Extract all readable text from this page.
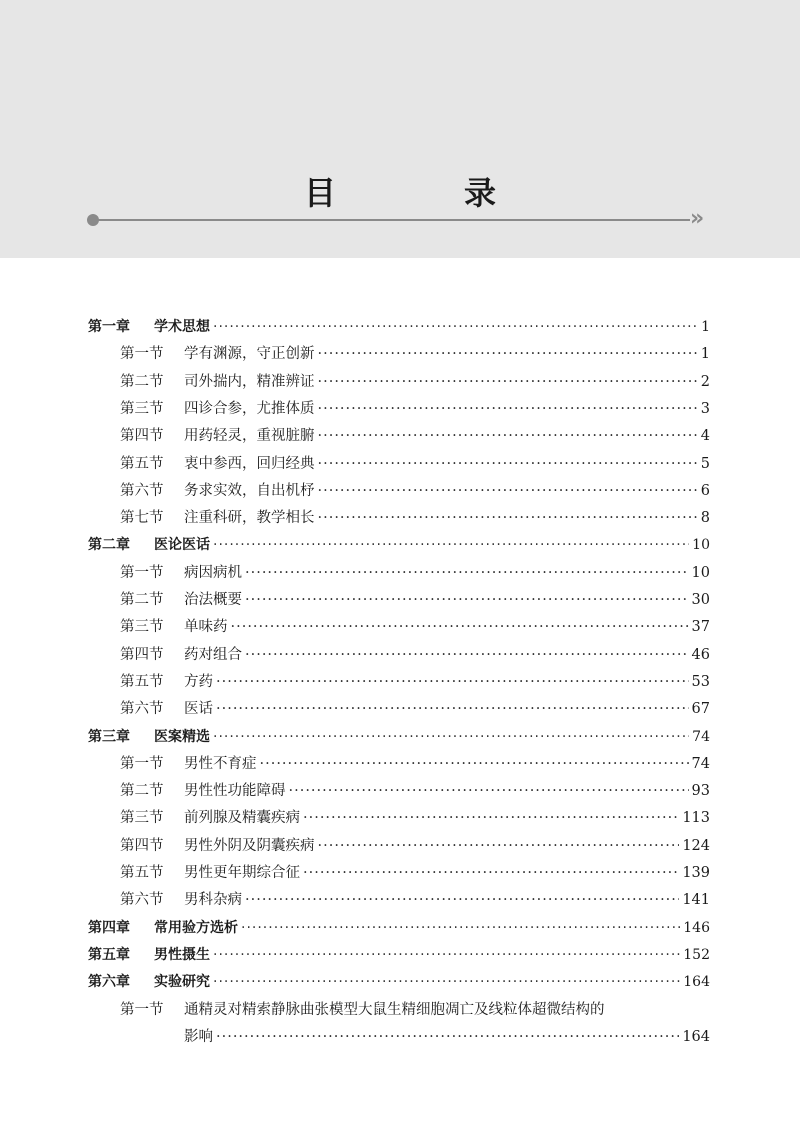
目　录
»
第一章	学术思想 ·····	1
第一节	学有渊源，守正创新 ·····	1
第二节	司外揣内，精准辨证 ·····	2
第三节	四诊合参，尤推体质 ·····	3
第四节	用药轻灵，重视脏腑 ·····	4
第五节	衷中参西，回归经典 ·····	5
第六节	务求实效，自出机杼 ·····	6
第七节	注重科研，教学相长 ·····	8
第二章	医论医话 ·····	10
第一节	病因病机 ·····	10
第二节	治法概要 ·····	30
第三节	单味药 ·····	37
第四节	药对组合 ·····	46
第五节	方药 ·····	53
第六节	医话 ·····	67
第三章	医案精选 ·····	74
第一节	男性不育症 ·····	74
第二节	男性性功能障碍 ·····	93
第三节	前列腺及精囊疾病 ·····	113
第四节	男性外阴及阴囊疾病 ·····	124
第五节	男性更年期综合征 ·····	139
第六节	男科杂病 ·····	141
第四章	常用验方选析 ·····	146
第五章	男性摄生 ·····	152
第六章	实验研究 ·····	164
第一节	通精灵对精索静脉曲张模型大鼠生精细胞凋亡及线粒体超微结构的
影响 ·····	164
